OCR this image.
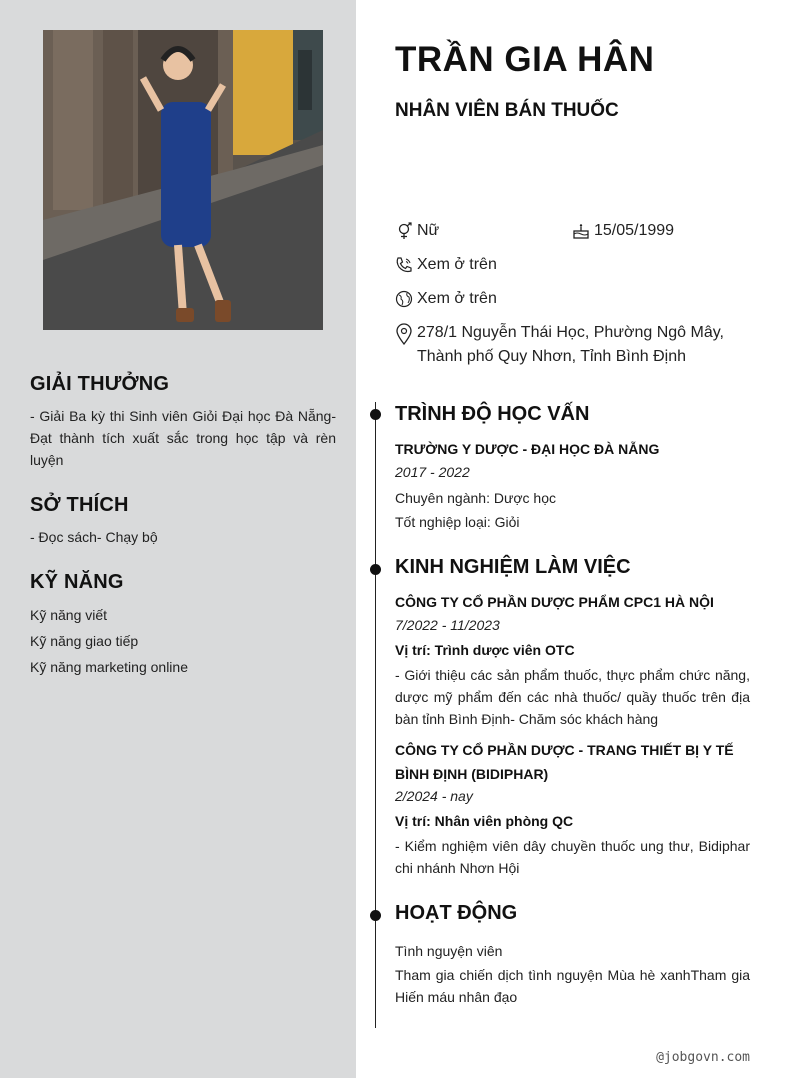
GIẢI THƯỞNG
- Giải Ba kỳ thi Sinh viên Giỏi Đại học Đà Nẵng- Đạt thành tích xuất sắc trong học tập và rèn luyện
SỞ THÍCH
- Đọc sách- Chạy bộ
KỸ NĂNG
Kỹ năng viết
Kỹ năng giao tiếp
Kỹ năng marketing online
TRẦN GIA HÂN
NHÂN VIÊN BÁN THUỐC
Nữ	15/05/1999
Xem ở trên
Xem ở trên
278/1 Nguyễn Thái Học, Phường Ngô Mây,
Thành phố Quy Nhơn, Tỉnh Bình Định
TRÌNH ĐỘ HỌC VẤN
TRƯỜNG Y DƯỢC - ĐẠI HỌC ĐÀ NẴNG
2017 - 2022
Chuyên ngành: Dược học
Tốt nghiệp loại: Giỏi
KINH NGHIỆM LÀM VIỆC
CÔNG TY CỔ PHẦN DƯỢC PHẨM CPC1 HÀ NỘI
7/2022 - 11/2023
Vị trí: Trình dược viên OTC
- Giới thiệu các sản phẩm thuốc, thực phẩm chức năng, dược mỹ phẩm đến các nhà thuốc/ quầy thuốc trên địa bàn tỉnh Bình Định- Chăm sóc khách hàng
CÔNG TY CỔ PHẦN DƯỢC - TRANG THIẾT BỊ Y TẾ BÌNH ĐỊNH (BIDIPHAR)
2/2024 - nay
Vị trí: Nhân viên phòng QC
- Kiểm nghiệm viên dây chuyền thuốc ung thư, Bidiphar chi nhánh Nhơn Hội
HOẠT ĐỘNG
Tình nguyện viên
Tham gia chiến dịch tình nguyện Mùa hè xanhTham gia Hiến máu nhân đạo
@jobgovn.com
